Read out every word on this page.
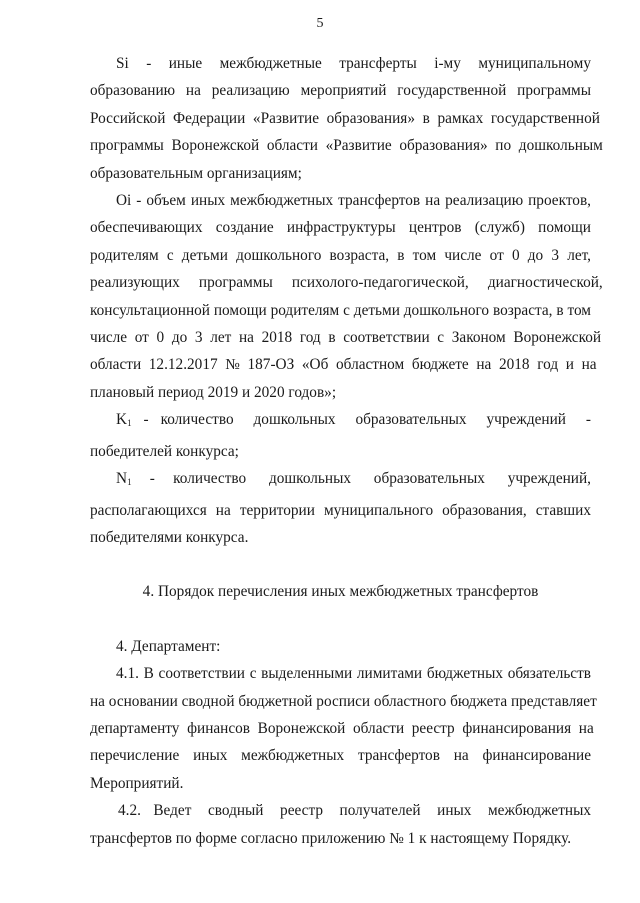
5

Si   -   иные   межбюджетные   трансферты   i-му   муниципальному
образованию  на  реализацию  мероприятий  государственной  программы
Российской  Федерации  «Развитие  образования»  в  рамках  государственной
программы  Воронежской  области  «Развитие  образования»  по  дошкольным
образовательным организациям;

Oi - объем иных межбюджетных трансфертов на реализацию проектов,
обеспечивающих   создание   инфраструктуры   центров   (служб)   помощи
родителям  с  детьми  дошкольного  возраста,  в  том  числе  от  0  до  3  лет,
реализующих     программы     психолого-педагогической,     диагностической,
консультационной помощи родителям с детьми дошкольного возраста, в том
числе  от  0  до  3  лет  на  2018  год  в  соответствии  с  Законом  Воронежской
области  12.12.2017  №  187-ОЗ  «Об  областном  бюджете  на  2018  год  и  на
плановый период 2019 и 2020 годов»;

$K_1$   -   количество     дошкольных     образовательных     учреждений     -
победителей конкурса;

$N_1$    -    количество     дошкольных     образовательных     учреждений,
располагающихся  на  территории  муниципального  образования,  ставших
победителями конкурса.

4. Порядок перечисления иных межбюджетных трансфертов

4. Департамент:

4.1. В соответствии с выделенными лимитами бюджетных обязательств
на основании сводной бюджетной росписи областного бюджета представляет
департаменту  финансов  Воронежской  области  реестр  финансирования  на
перечисление   иных   межбюджетных   трансфертов   на   финансирование
Мероприятий.

4.2.   Ведет    сводный    реестр    получателей    иных    межбюджетных
трансфертов по форме согласно приложению № 1 к настоящему Порядку.
